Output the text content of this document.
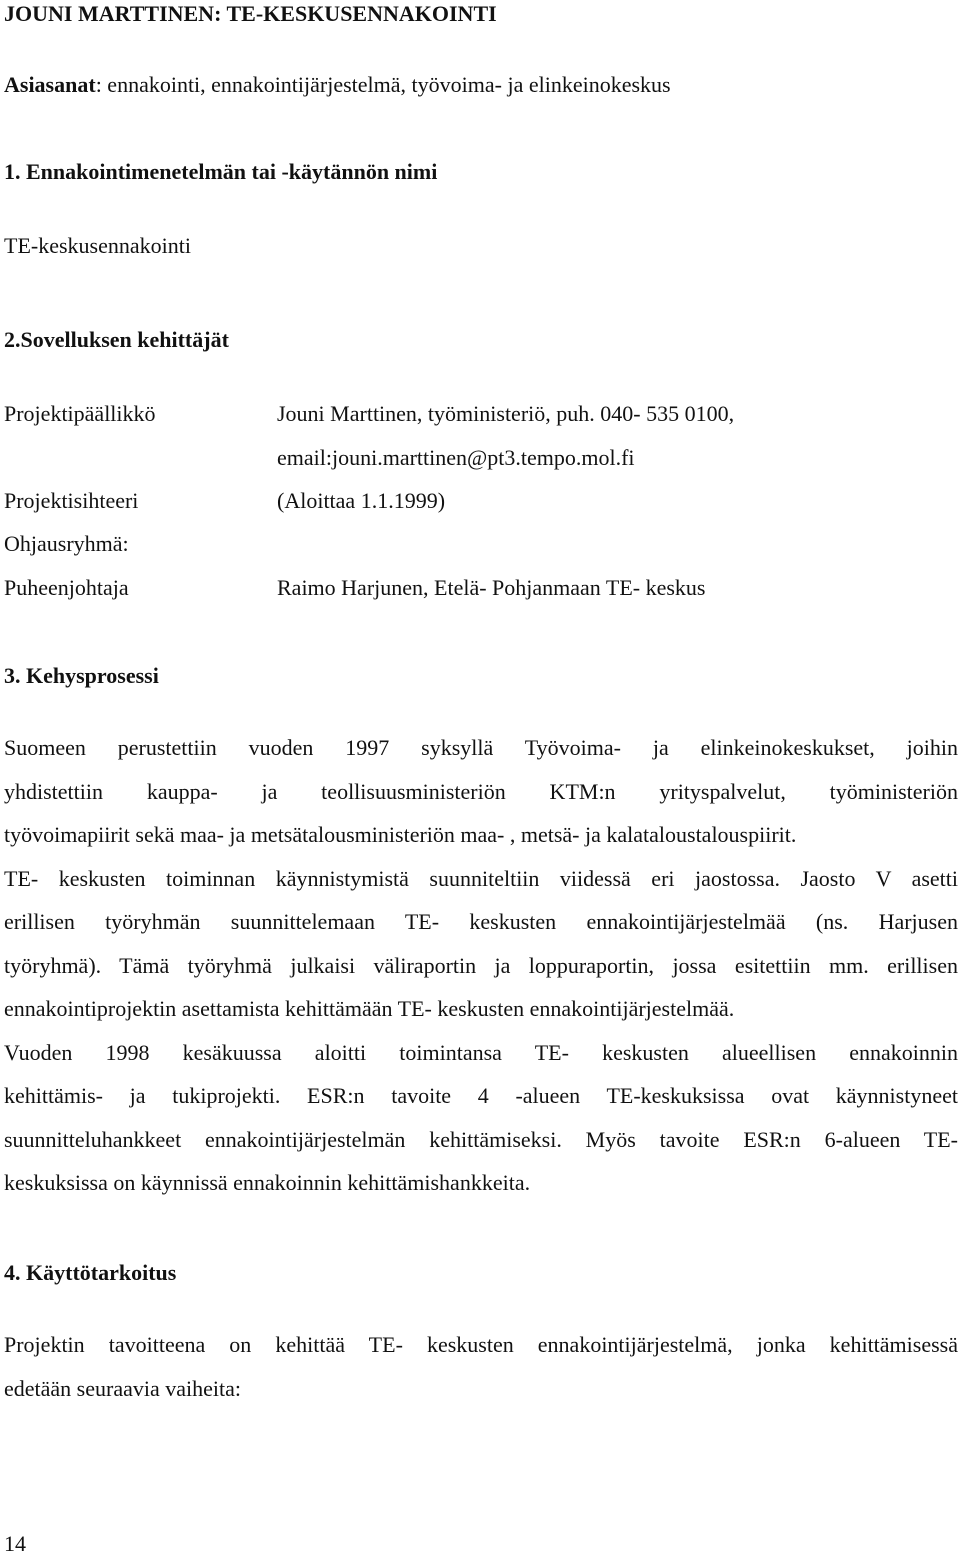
JOUNI MARTTINEN: TE-KESKUSENNAKOINTI
Asiasanat: ennakointi, ennakointijärjestelmä, työvoima- ja elinkeinokeskus
1. Ennakointimenetelmän tai -käytännön nimi
TE-keskusennakointi
2.Sovelluksen kehittäjät
Projektipäällikkö	Jouni Marttinen, työministeriö, puh. 040- 535 0100,
email:jouni.marttinen@pt3.tempo.mol.fi
Projektisihteeri	(Aloittaa 1.1.1999)
Ohjausryhmä:
Puheenjohtaja	Raimo Harjunen, Etelä- Pohjanmaan TE- keskus
3. Kehysprosessi
Suomeen perustettiin vuoden 1997 syksyllä Työvoima- ja elinkeinokeskukset, joihin
yhdistettiin kauppa- ja teollisuusministeriön KTM:n yrityspalvelut, työministeriön
työvoimapiirit sekä maa- ja metsätalousministeriön maa- , metsä- ja kalataloustalouspiirit.
TE- keskusten toiminnan käynnistymistä suunniteltiin viidessä eri jaostossa. Jaosto V asetti
erillisen työryhmän suunnittelemaan TE- keskusten ennakointijärjestelmää (ns. Harjusen
työryhmä). Tämä työryhmä julkaisi väliraportin ja loppuraportin, jossa esitettiin mm. erillisen
ennakointiprojektin asettamista kehittämään TE- keskusten ennakointijärjestelmää.
Vuoden 1998 kesäkuussa aloitti toimintansa TE- keskusten alueellisen ennakoinnin
kehittämis- ja tukiprojekti. ESR:n tavoite 4 -alueen TE-keskuksissa ovat käynnistyneet
suunnitteluhankkeet ennakointijärjestelmän kehittämiseksi. Myös tavoite ESR:n 6-alueen TE-
keskuksissa on käynnissä ennakoinnin kehittämishankkeita.
4. Käyttötarkoitus
Projektin tavoitteena on kehittää TE- keskusten ennakointijärjestelmä, jonka kehittämisessä
edetään seuraavia vaiheita:
14
